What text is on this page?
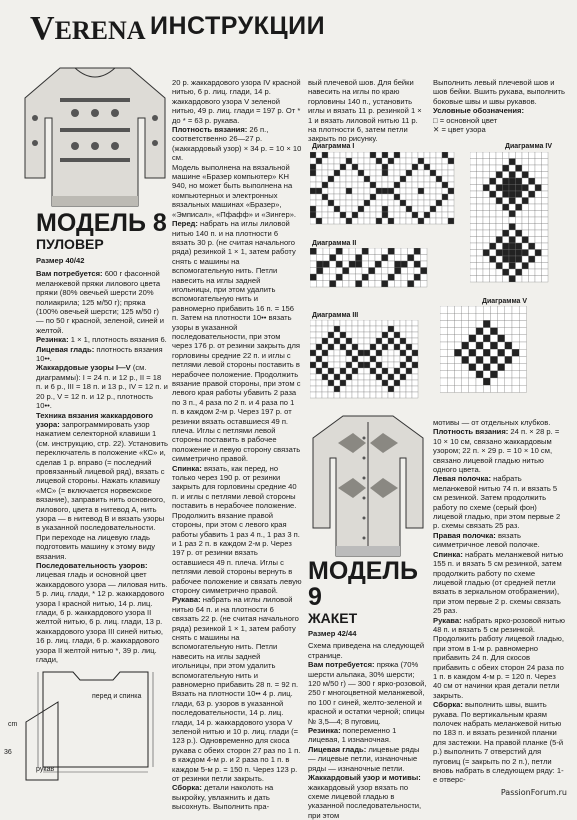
VERENA ИНСТРУКЦИИ
МОДЕЛЬ 8
ПУЛОВЕР

Размер 40/42

Вам потребуется: 600 г фасонной меланжевой пряжи лилового цвета пряжи (80% овечьей шерсти 20% полиакрила; 125 м/50 г); пряжа (100% овечьей шерсти; 125 м/50 г) — по 50 г красной, зеленой, синей и желтой.

Резинка: 1 × 1, плотность вязания 6.

Лицевая гладь: плотность вязания 10••.

Жаккардовые узоры I—V (см. диаграммы): I = 24 п. и 12 р., II = 18 п. и 6 р., III = 18 п. и 13 р., IV = 12 п. и 20 р., V = 12 п. и 12 р., плотность 10••.

Техника вязания жаккардового узора: запрограммировать узор нажатием селекторной клавиши 1 (см. инструкцию, стр. 22). Установить переключатель в положение «КС» и, сделав 1 р. вправо (= последний провязанный лицевой ряд), вязать с лицевой стороны. Нажать клавишу «МС» (= включается норвежское вязание), заправить нить основного, лилового, цвета в нитевод А, нить узора — в нитевод В и вязать узоры в указанной последовательности. При переходе на лицевую гладь подготовить машину к этому виду вязания.

Последовательность узоров: лицевая гладь и основной цвет жаккардового узора — лиловая нить. 5 р. лиц. глади, * 12 р. жаккардового узора I красной нитью, 14 р. лиц. глади, 6 р. жаккардового узора II желтой нитью, 6 р. лиц. глади, 13 р. жаккардового узора III синей нитью, 16 р. лиц. глади, 6 р. жаккардового узора II желтой нитью *, 39 р. лиц. глади,

перед и спинка
рукав
cm
36

20 р. жаккардового узора IV красной нитью, 6 р. лиц. глади, 14 р. жаккардового узора V зеленой нитью, 49 р. лиц. глади = 197 р. От * до * = 63 р. рукава.

Плотность вязания: 26 п., соответственно 26—27 р. (жаккардовый узор) × 34 р. = 10 × 10 см.

Модель выполнена на вязальной машине «Бразер компьютер» KH 940, но может быть выполнена на компьютерных и электронных вязальных машинах «Бразер», «Эмписал», «Пфафф» и «Зингер».

Перед: набрать на иглы лиловой нитью 140 п. и на плотности 6 вязать 30 р. (не считая начального ряда) резинкой 1 × 1, затем работу снять с машины на вспомогательную нить. Петли навесить на иглы задней игольницы, при этом удалить вспомогательную нить и равномерно прибавить 16 п. = 156 п. Затем на плотности 10•• вязать узоры в указанной последовательности, при этом через 176 р. от резинки закрыть для горловины средние 22 п. и иглы с петлями левой стороны поставить в нерабочее положение. Продолжить вязание правой стороны, при этом с левого края работы убавить 2 раза по 3 п., 4 раза по 2 п. и 4 раза по 1 п. в каждом 2-м р. Через 197 р. от резинки вязать оставшиеся 49 п. плеча. Иглы с петлями левой стороны поставить в рабочее положение и левую сторону связать симметрично правой.

Спинка: вязать, как перед, но только через 190 р. от резинки закрыть для горловины средние 40 п. и иглы с петлями левой стороны поставить в нерабочее положение. Продолжить вязание правой стороны, при этом с левого края работы убавить 1 раз 4 п., 1 раз 3 п. и 1 раз 2 п. в каждом 2-м р. Через 197 р. от резинки вязать оставшиеся 49 п. плеча. Иглы с петлями левой стороны вернуть в рабочее положение и связать левую сторону симметрично правой.

Рукава: набрать на иглы лиловой нитью 64 п. и на плотности 6 связать 22 р. (не считая начального ряда) резинкой 1 × 1, затем работу снять с машины на вспомогательную нить. Петли навесить на иглы задней игольницы, при этом удалить вспомогательную нить и равномерно прибавить 28 п. = 92 п. Вязать на плотности 10•• 4 р. лиц. глади, 63 р. узоров в указанной последовательности, 14 р. лиц. глади, 14 р. жаккардового узора V зеленой нитью и 10 р. лиц. глади (= 123 р.). Одновременно для скоса рукава с обеих сторон 27 раз по 1 п. в каждом 4-м р. и 2 раза по 1 п. в каждом 5-м р. = 150 п. Через 123 р. от резинки петли закрыть.

Сборка: детали наколоть на выкройку, увлажнить и дать высохнуть. Выполнить пра-

вый плечевой шов. Для бейки навесить на иглы по краю горловины 140 п., установить иглы и вязать 11 р. резинкой 1 × 1 и вязать лиловой нитью 11 р. на плотности 6, затем петли закрыть по рисунку.

Выполнить левый плечевой шов и шов бейки. Вшить рукава, выполнить боковые швы и швы рукавов.

Условные обозначения:

□ = основной цвет

✕ = цвет узора

Диаграмма I
Диаграмма II
Диаграмма III
Диаграмма IV
Диаграмма V
МОДЕЛЬ 9
ЖАКЕТ

Размер 42/44

Схема приведена на следующей странице.

Вам потребуется: пряжа (70% шерсти альпака, 30% шерсти; 120 м/50 г) — 300 г ярко-розовой, 250 г многоцветной меланжевой, по 100 г синей, желто-зеленой и красной и остатки черной; спицы № 3,5—4; 8 пуговиц.

Резинка: попеременно 1 лицевая, 1 изнаночная.

Лицевая гладь: лицевые ряды — лицевые петли, изнаночные ряды — изнаночные петли.

Жаккардовый узор и мотивы: жаккардовый узор вязать по схеме лицевой гладью в указанной последовательности, при этом

мотивы — от отдельных клубков.

Плотность вязания: 24 п. × 28 р. = 10 × 10 см, связано жаккардовым узором; 22 п. × 29 р. = 10 × 10 см, связано лицевой гладью нитью одного цвета.

Левая полочка: набрать меланжевой нитью 74 п. и вязать 5 см резинкой. Затем продолжить работу по схеме (серый фон) лицевой гладью, при этом первые 2 р. схемы связать 25 раз.

Правая полочка: вязать симметричное левой полочке.

Спинка: набрать меланжевой нитью 155 п. и вязать 5 см резинкой, затем продолжить работу по схеме лицевой гладью (от средней петли вязать в зеркальном отображении), при этом первые 2 р. схемы связать 25 раз.

Рукава: набрать ярко-розовой нитью 48 п. и вязать 5 см резинкой. Продолжить работу лицевой гладью, при этом в 1-м р. равномерно прибавить 24 п. Для скосов прибавить с обеих сторон 24 раза по 1 п. в каждом 4-м р. = 120 п. Через 40 см от начинки края детали петли закрыть.

Сборка: выполнить швы, вшить рукава. По вертикальным краям полочек набрать меланжевой нитью по 183 п. и вязать резинкой планки для застежки. На правой планке (5-й р.) выполнить 7 отверстий для пуговиц (= закрыть по 2 п.), петли вновь набрать в следующем ряду: 1-е отверс-

PassionForum.ru
